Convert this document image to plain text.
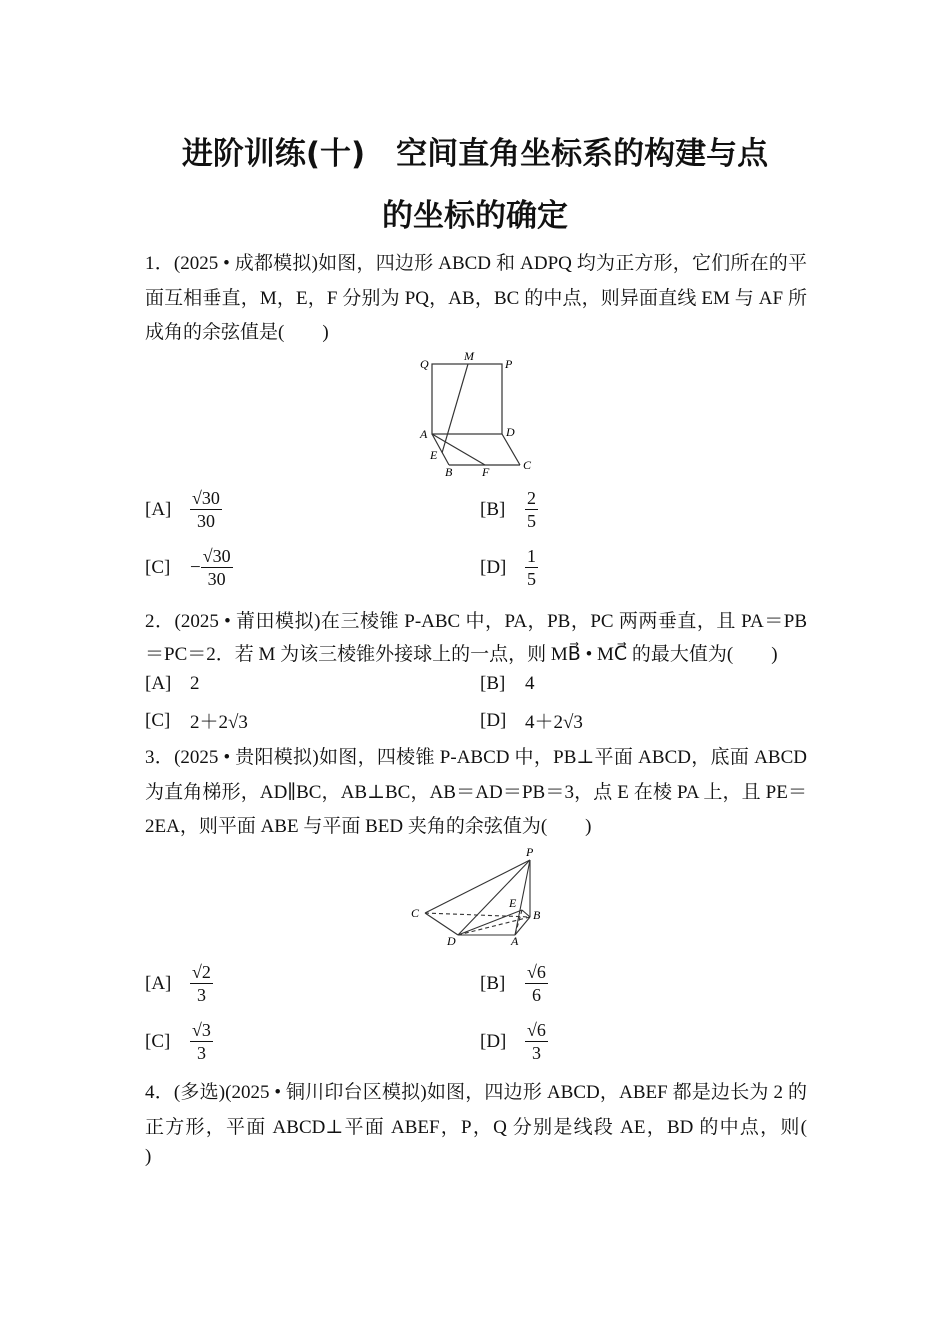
进阶训练(十)　空间直角坐标系的构建与点
的坐标的确定
1．(2025 • 成都模拟)如图，四边形 ABCD 和 ADPQ 均为正方形，它们所在的平
面互相垂直，M，E，F 分别为 PQ，AB，BC 的中点，则异面直线 EM 与 AF 所
成角的余弦值是(　　)
Q
M
P
A	D
E
B F	C
[A]	$\frac{√30}{30}$	[B]	$\frac{2}{5}$
[C]	− $\frac{√30}{30}$	[D]	$\frac{1}{5}$
2．(2025 • 莆田模拟)在三棱锥 P-ABC 中，PA，PB，PC 两两垂直，且 PA＝PB
＝PC＝2．若 M 为该三棱锥外接球上的一点，则 MB⃗ • MC⃗ 的最大值为(　　)
[A] 2	[B]	4
[C]	2＋2√3	[D] 4＋2√3
3．(2025 • 贵阳模拟)如图，四棱锥 P-ABCD 中，PB⊥平面 ABCD，底面 ABCD
为直角梯形，AD∥BC，AB⊥BC，AB＝AD＝PB＝3，点 E 在棱 PA 上，且 PE＝
2EA，则平面 ABE 与平面 BED 夹角的余弦值为(　　)
P
C
E
B
D	A
[A]	$\frac{√2}{3}$	[B]	$\frac{√6}{6}$
[C]	$\frac{√3}{3}$	[D]	$\frac{√6}{3}$
4．(多选)(2025 • 铜川印台区模拟)如图，四边形 ABCD，ABEF 都是边长为 2 的
正方形，平面 ABCD⊥平面 ABEF，P，Q 分别是线段 AE，BD 的中点，则(
)
